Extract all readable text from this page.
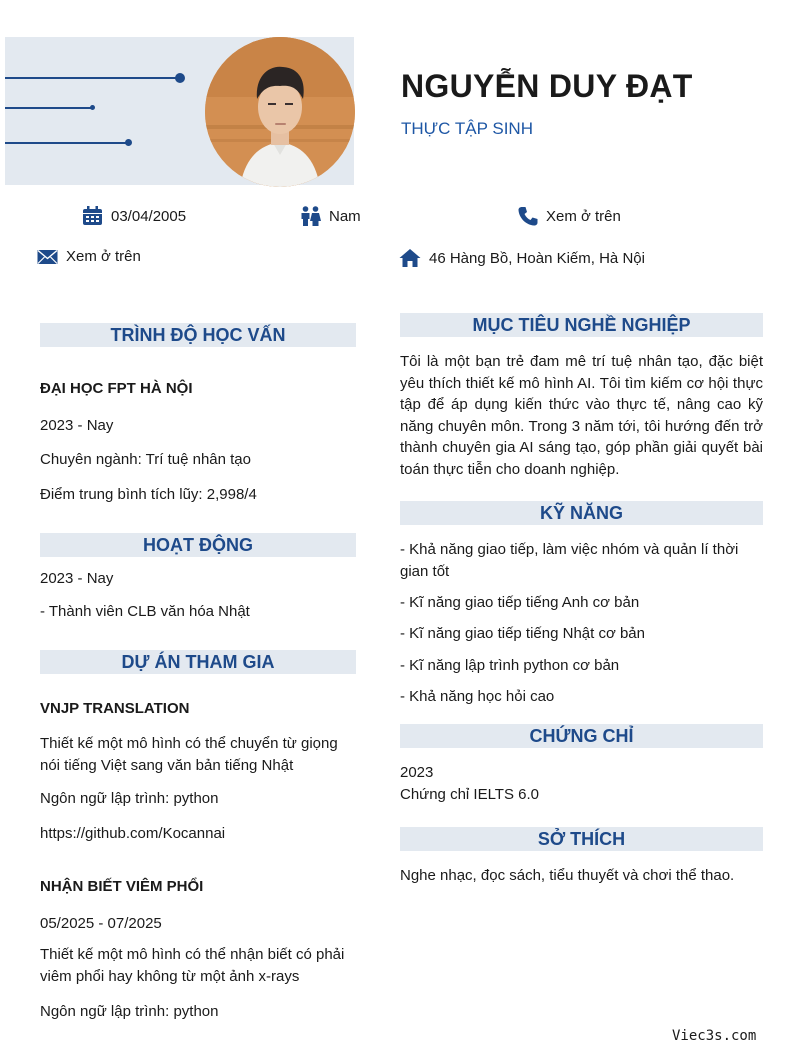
NGUYỄN DUY ĐẠT
THỰC TẬP SINH
03/04/2005	Nam	Xem ở trên
Xem ở trên	46 Hàng Bồ, Hoàn Kiếm, Hà Nội
TRÌNH ĐỘ HỌC VẤN
ĐẠI HỌC FPT HÀ NỘI
2023 - Nay
Chuyên ngành: Trí tuệ nhân tạo
Điểm trung bình tích lũy: 2,998/4
HOẠT ĐỘNG
2023 - Nay
- Thành viên CLB văn hóa Nhật
DỰ ÁN THAM GIA
VNJP TRANSLATION
Thiết kế một mô hình có thể chuyển từ giọng nói tiếng Việt sang văn bản tiếng Nhật
Ngôn ngữ lập trình: python
https://github.com/Kocannai
NHẬN BIẾT VIÊM PHỔI
05/2025 - 07/2025
Thiết kế một mô hình có thể nhận biết có phải viêm phổi hay không từ một ảnh x-rays
Ngôn ngữ lập trình: python
MỤC TIÊU NGHỀ NGHIỆP
Tôi là một bạn trẻ đam mê trí tuệ nhân tạo, đặc biệt yêu thích thiết kế mô hình AI. Tôi tìm kiếm cơ hội thực tập để áp dụng kiến thức vào thực tế, nâng cao kỹ năng chuyên môn. Trong 3 năm tới, tôi hướng đến trở thành chuyên gia AI sáng tạo, góp phần giải quyết bài toán thực tiễn cho doanh nghiệp.
KỸ NĂNG
- Khả năng giao tiếp, làm việc nhóm và quản lí thời gian tốt
- Kĩ năng giao tiếp tiếng Anh cơ bản
- Kĩ năng giao tiếp tiếng Nhật cơ bản
- Kĩ năng lập trình python cơ bản
- Khả năng học hỏi cao
CHỨNG CHỈ
2023
Chứng chỉ IELTS 6.0
SỞ THÍCH
Nghe nhạc, đọc sách, tiểu thuyết và chơi thể thao.
Viec3s.com
